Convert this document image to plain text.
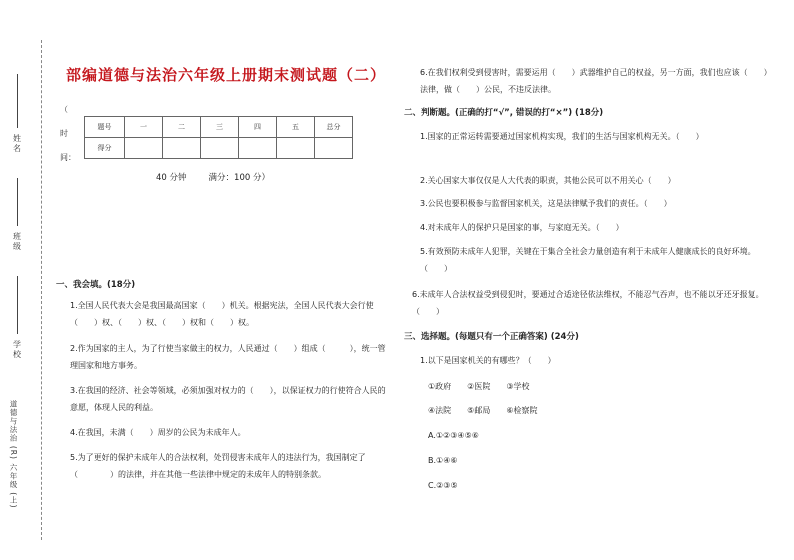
姓名
班级
学校
道德与法治 (R) 六年级 (上)
部编道德与法治六年级上册期末测试题（二）
（
时
间：
题号	一	二	三	四	五	总分
得分						
40 分钟	满分：100 分）
一、我会填。(18分)
1.全国人民代表大会是我国最高国家（　　）机关。根据宪法，全国人民代表大会行使（　　）权、（　　）权、（　　）权和（　　）权。
2.作为国家的主人，为了行使当家做主的权力，人民通过（　　）组成（　　　），统一管理国家和地方事务。
3.在我国的经济、社会等领域，必须加强对权力的（　　），以保证权力的行使符合人民的意愿，体现人民的利益。
4.在我国，未满（　　）周岁的公民为未成年人。
5.为了更好的保护未成年人的合法权利，处罚侵害未成年人的违法行为，我国制定了（　　　　）的法律，并在其他一些法律中规定的未成年人的特别条款。
6.在我们权利受到侵害时，需要运用（　　）武器维护自己的权益，另一方面，我们也应该（　　）法律，做（　　）公民，不违反法律。
二、判断题。(正确的打“√”, 错误的打“×”) (18分)
1.国家的正常运转需要通过国家机构实现，我们的生活与国家机构无关。（　　）
2.关心国家大事仅仅是人大代表的职责，其他公民可以不用关心（　　）
3.公民也要积极参与监督国家机关，这是法律赋予我们的责任。（　　）
4.对未成年人的保护只是国家的事，与家庭无关。（　　）
5.有效预防未成年人犯罪，关键在于集合全社会力量创造有利于未成年人健康成长的良好环境。（　　）
6.未成年人合法权益受到侵犯时，要通过合适途径依法维权，不能忍气吞声，也不能以牙还牙报复。（　　）
三、选择题。(每题只有一个正确答案) (24分)
1.以下是国家机关的有哪些？（　　）
①政府　　②医院　　③学校
④法院　　⑤邮局　　⑥检察院
A.①②③④⑤⑥
B.①④⑥
C.②③⑤
